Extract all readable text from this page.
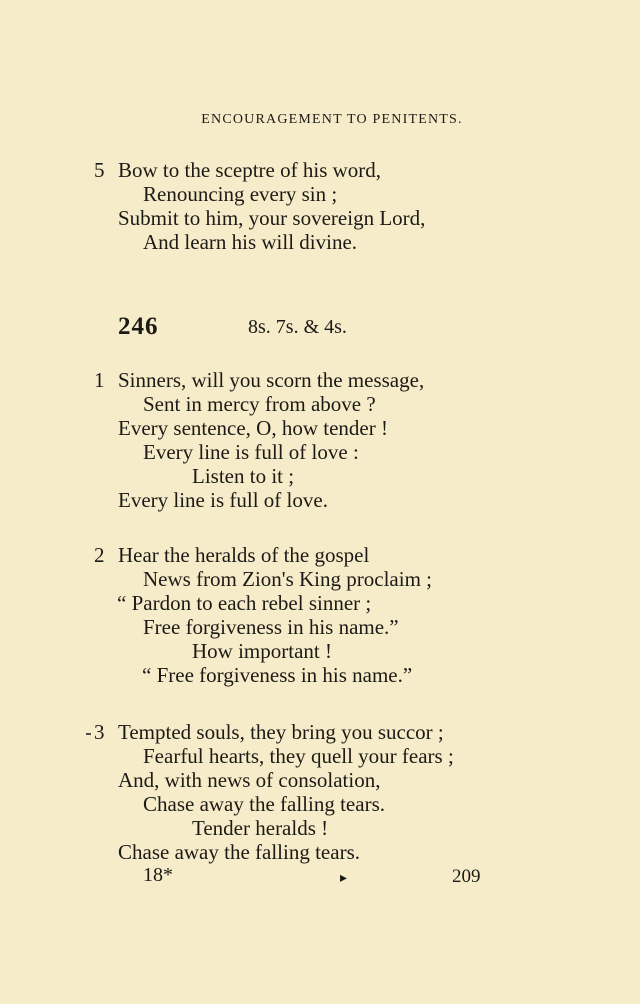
ENCOURAGEMENT TO PENITENTS.
5 Bow to the sceptre of his word,
Renouncing every sin ;
Submit to him, your sovereign Lord,
And learn his will divine.
246	8s. 7s. & 4s.
1 Sinners, will you scorn the message,
Sent in mercy from above ?
Every sentence, O, how tender !
Every line is full of love :
Listen to it ;
Every line is full of love.
2 Hear the heralds of the gospel
News from Zion's King proclaim ;
“ Pardon to each rebel sinner ;
Free forgiveness in his name.”
How important !
“ Free forgiveness in his name.”
3 Tempted souls, they bring you succor ;
Fearful hearts, they quell your fears ;
And, with news of consolation,
Chase away the falling tears.
Tender heralds !
Chase away the falling tears.
18*	▸	209
